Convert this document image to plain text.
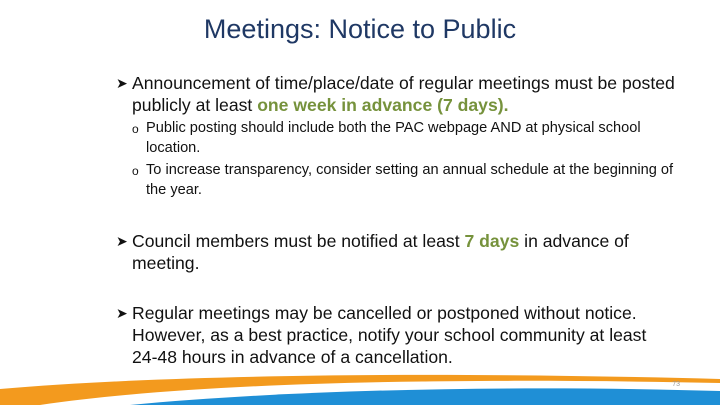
Meetings: Notice to Public
➤ Announcement of time/place/date of regular meetings must be posted publicly at least one week in advance (7 days).
o Public posting should include both the PAC webpage AND at physical school location.
o To increase transparency, consider setting an annual schedule at the beginning of the year.
➤ Council members must be notified at least 7 days in advance of meeting.
➤ Regular meetings may be cancelled or postponed without notice. However, as a best practice, notify your school community at least 24-48 hours in advance of a cancellation.
73
